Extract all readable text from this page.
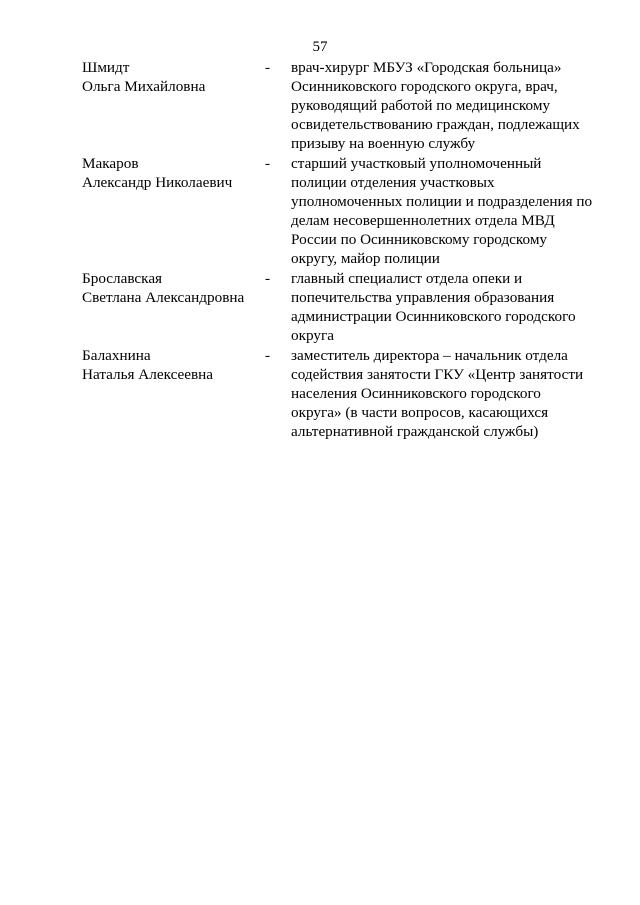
57
Шмидт
Ольга Михайловна
-	врач-хирург МБУЗ «Городская больница»
Осинниковского городского округа, врач,
руководящий работой по медицинскому
освидетельствованию граждан, подлежащих
призыву на военную службу
Макаров
Александр Николаевич
-	старший участковый уполномоченный
полиции отделения участковых
уполномоченных полиции и подразделения по
делам несовершеннолетних отдела МВД
России по Осинниковскому городскому
округу, майор полиции
Брославская
Светлана Александровна
-	главный специалист отдела опеки и
попечительства управления образования
администрации Осинниковского городского
округа
Балахнина
Наталья Алексеевна
-	заместитель директора – начальник отдела
содействия занятости ГКУ «Центр занятости
населения Осинниковского городского
округа» (в части вопросов, касающихся
альтернативной гражданской службы)
